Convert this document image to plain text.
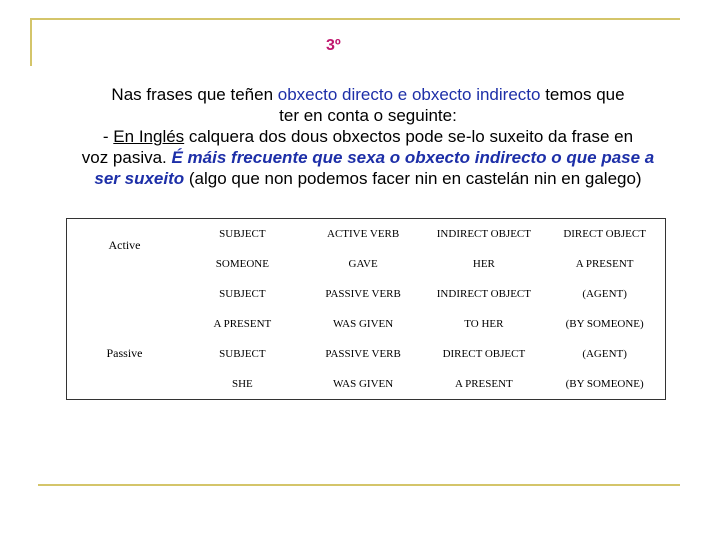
3º
Nas frases que teñen obxecto directo e obxecto indirecto temos que
ter en conta o seguinte:
- En Inglés calquera dos dous obxectos pode se-lo suxeito da frase en
voz pasiva. É máis frecuente que sexa o obxecto indirecto o que pase a
ser suxeito (algo que non podemos facer nin en castelán nin en galego)
Active	SUBJECT	ACTIVE VERB	INDIRECT OBJECT	DIRECT OBJECT
	SOMEONE	GAVE	HER	A PRESENT
Passive	SUBJECT	PASSIVE VERB	INDIRECT OBJECT	(AGENT)
	A PRESENT	WAS GIVEN	TO HER	(BY SOMEONE)
	SUBJECT	PASSIVE VERB	DIRECT OBJECT	(AGENT)
	SHE	WAS GIVEN	A PRESENT	(BY SOMEONE)
